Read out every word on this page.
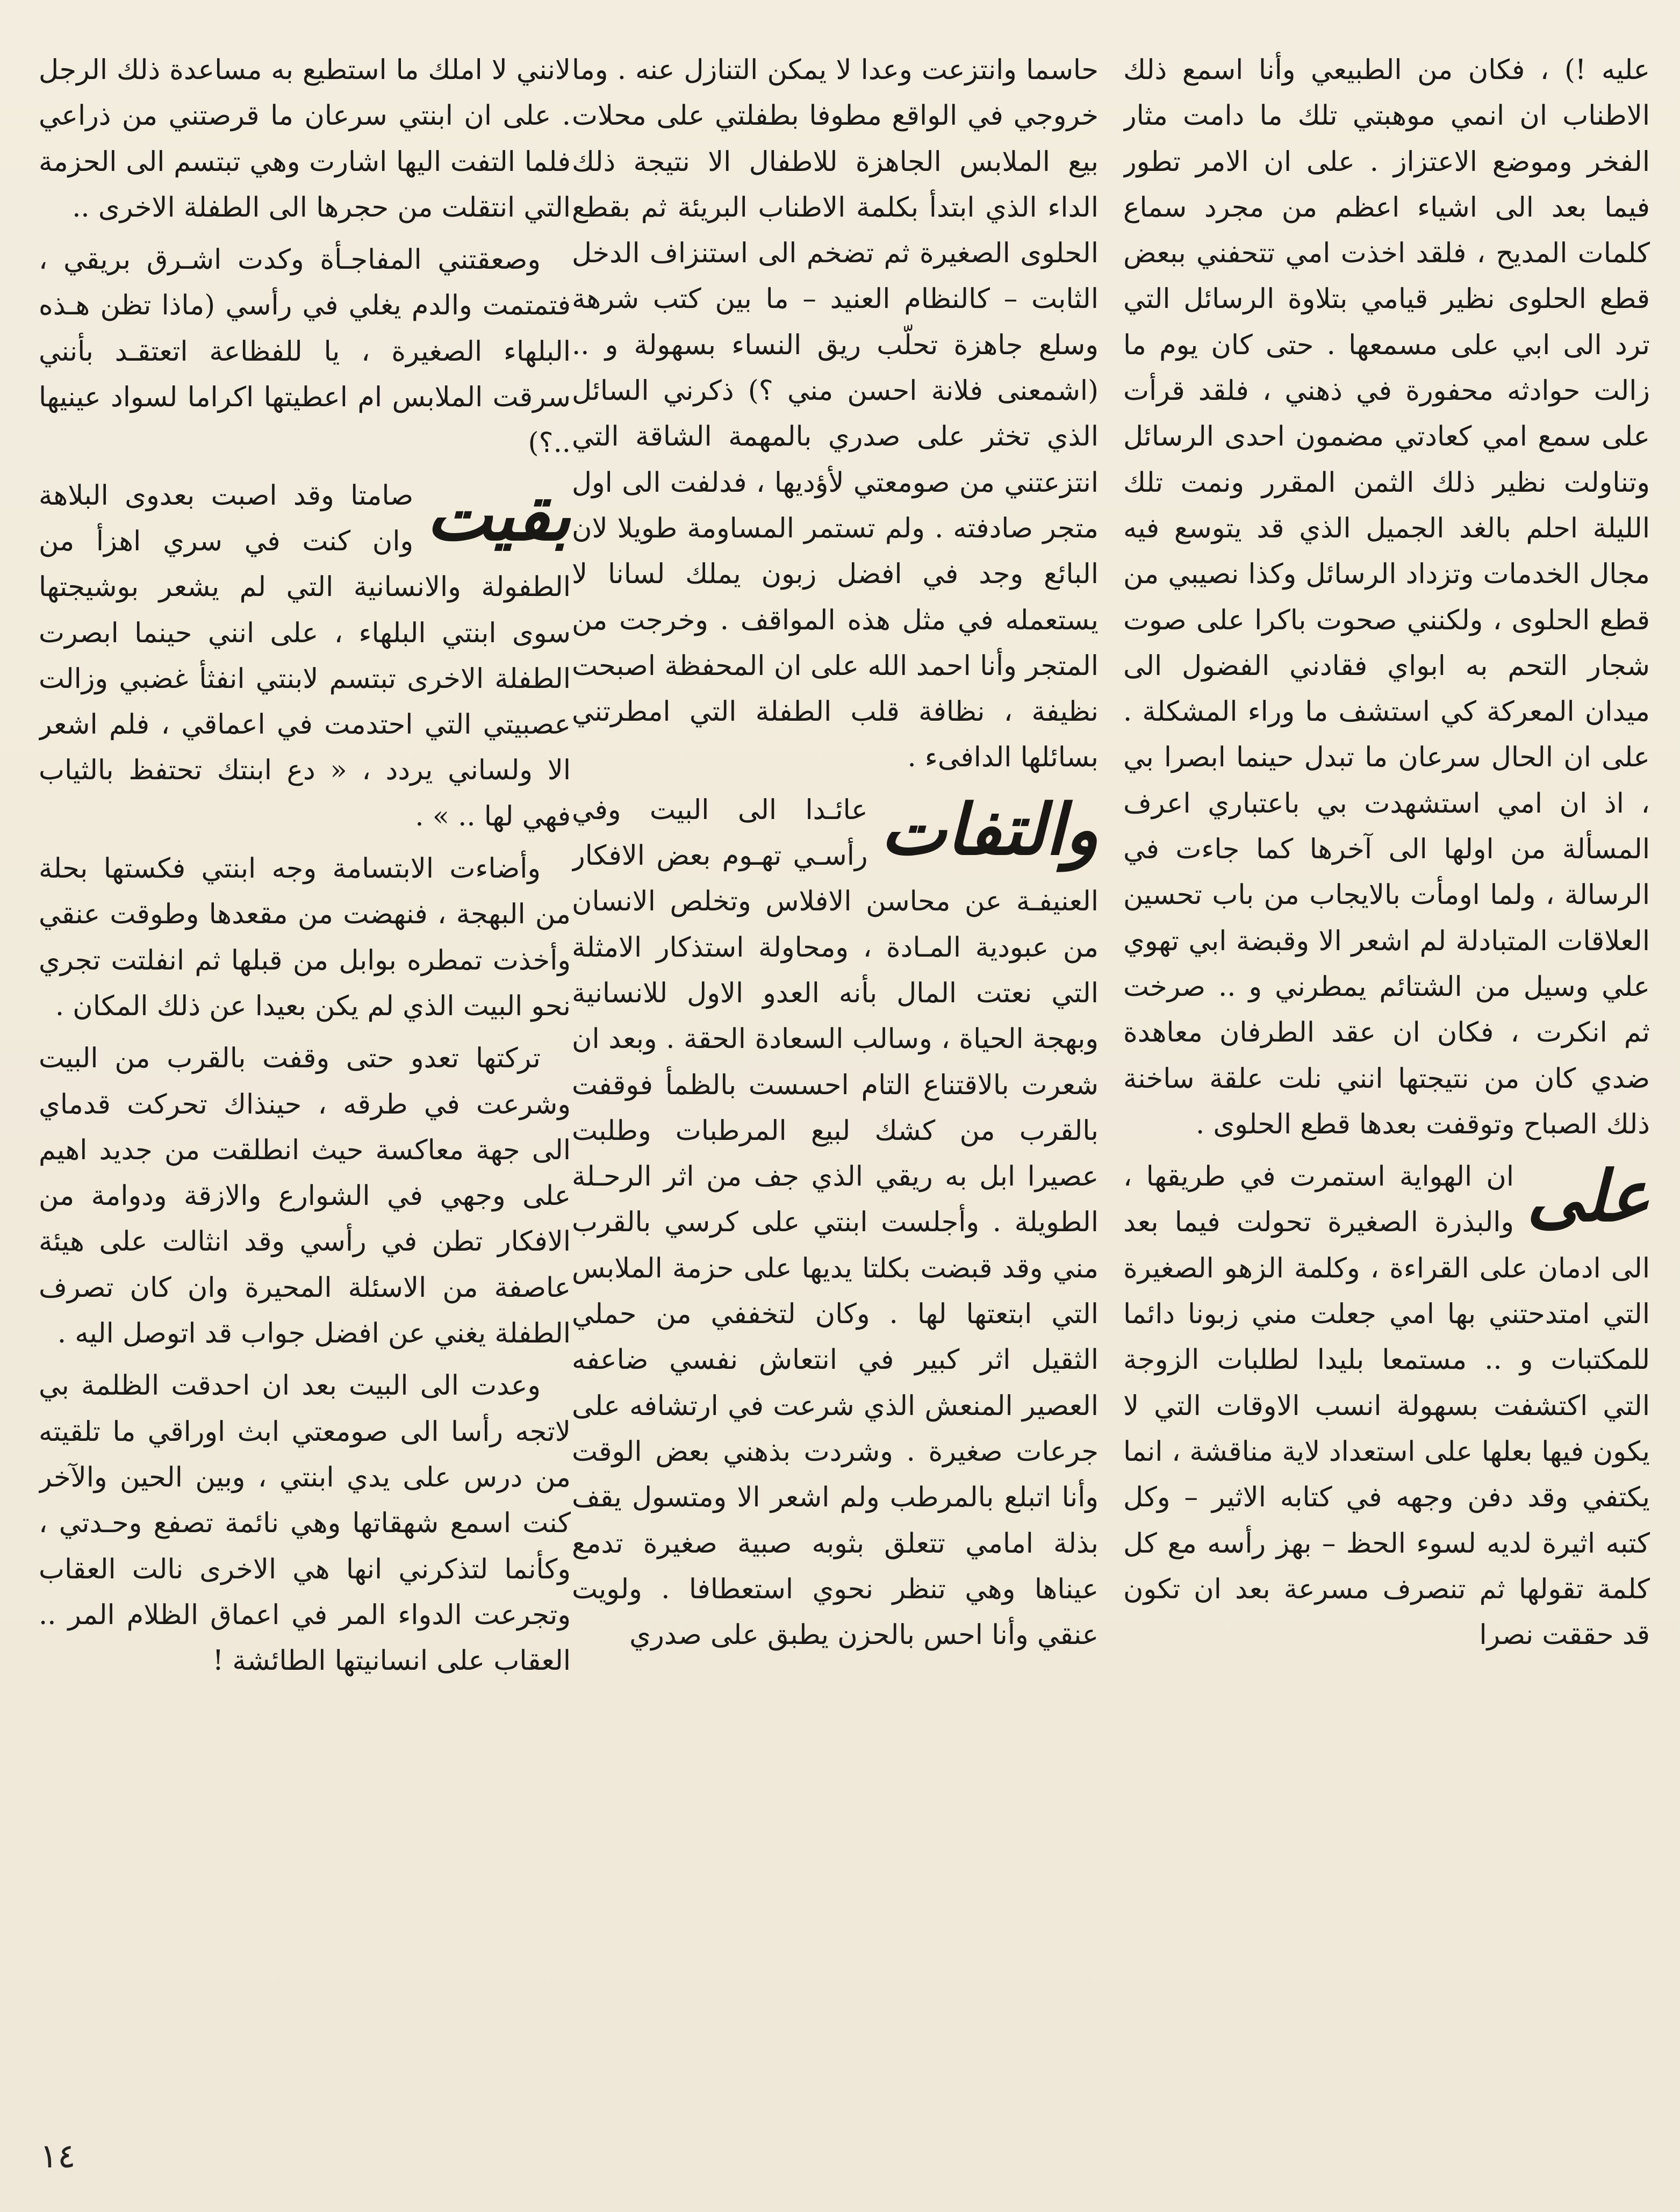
عليه !) ، فكان من الطبيعي وأنا اسمع ذلك الاطناب ان انمي موهبتي تلك ما دامت مثار الفخر وموضع الاعتزاز . على ان الامر تطور فيما بعد الى اشياء اعظم من مجرد سماع كلمات المديح ، فلقد اخذت امي تتحفني ببعض قطع الحلوى نظير قيامي بتلاوة الرسائل التي ترد الى ابي على مسمعها . حتى كان يوم ما زالت حوادثه محفورة في ذهني ، فلقد قرأت على سمع امي كعادتي مضمون احدى الرسائل وتناولت نظير ذلك الثمن المقرر ونمت تلك الليلة احلم بالغد الجميل الذي قد يتوسع فيه مجال الخدمات وتزداد الرسائل وكذا نصيبي من قطع الحلوى ، ولكنني صحوت باكرا على صوت شجار التحم به ابواي فقادني الفضول الى ميدان المعركة كي استشف ما وراء المشكلة . على ان الحال سرعان ما تبدل حينما ابصرا بي ، اذ ان امي استشهدت بي باعتباري اعرف المسألة من اولها الى آخرها كما جاءت في الرسالة ، ولما اومأت بالايجاب من باب تحسين العلاقات المتبادلة لم اشعر الا وقبضة ابي تهوي علي وسيل من الشتائم يمطرني و .. صرخت ثم انكرت ، فكان ان عقد الطرفان معاهدة ضدي كان من نتيجتها انني نلت علقة ساخنة ذلك الصباح وتوقفت بعدها قطع الحلوى .

على
ان الهواية استمرت في طريقها ، والبذرة الصغيرة تحولت فيما بعد الى ادمان على القراءة ، وكلمة الزهو الصغيرة التي امتدحتني بها امي جعلت مني زبونا دائما للمكتبات و .. مستمعا بليدا لطلبات الزوجة التي اكتشفت بسهولة انسب الاوقات التي لا يكون فيها بعلها على استعداد لاية مناقشة ، انما يكتفي وقد دفن وجهه في كتابه الاثير – وكل كتبه اثيرة لديه لسوء الحظ – بهز رأسه مع كل كلمة تقولها ثم تنصرف مسرعة بعد ان تكون قد حققت نصرا

حاسما وانتزعت وعدا لا يمكن التنازل عنه . وما خروجي في الواقع مطوفا بطفلتي على محلات بيع الملابس الجاهزة للاطفال الا نتيجة ذلك الداء الذي ابتدأ بكلمة الاطناب البريئة ثم بقطع الحلوى الصغيرة ثم تضخم الى استنزاف الدخل الثابت – كالنظام العنيد – ما بين كتب شرهة وسلع جاهزة تحلّب ريق النساء بسهولة و .. (اشمعنى فلانة احسن مني ؟) ذكرني السائل الذي تخثر على صدري بالمهمة الشاقة التي انتزعتني من صومعتي لأؤديها ، فدلفت الى اول متجر صادفته . ولم تستمر المساومة طويلا لان البائع وجد في افضل زبون يملك لسانا لا يستعمله في مثل هذه المواقف . وخرجت من المتجر وأنا احمد الله على ان المحفظة اصبحت نظيفة ، نظافة قلب الطفلة التي امطرتني بسائلها الدافىء .

والتفات
عائـدا الى البيت وفي رأسـي تهـوم بعض الافكار العنيفـة عن محاسن الافلاس وتخلص الانسان من عبودية المـادة ، ومحاولة استذكار الامثلة التي نعتت المال بأنه العدو الاول للانسانية وبهجة الحياة ، وسالب السعادة الحقة . وبعد ان شعرت بالاقتناع التام احسست بالظمأ فوقفت بالقرب من كشك لبيع المرطبات وطلبت عصيرا ابل به ريقي الذي جف من اثر الرحـلة الطويلة . وأجلست ابنتي على كرسي بالقرب مني وقد قبضت بكلتا يديها على حزمة الملابس التي ابتعتها لها . وكان لتخففي من حملي الثقيل اثر كبير في انتعاش نفسي ضاعفه العصير المنعش الذي شرعت في ارتشافه على جرعات صغيرة . وشردت بذهني بعض الوقت وأنا اتبلع بالمرطب ولم اشعر الا ومتسول يقف بذلة امامي تتعلق بثوبه صبية صغيرة تدمع عيناها وهي تنظر نحوي استعطافا . ولويت عنقي وأنا احس بالحزن يطبق على صدري

لانني لا املك ما استطيع به مساعدة ذلك الرجل . على ان ابنتي سرعان ما قرصتني من ذراعي فلما التفت اليها اشارت وهي تبتسم الى الحزمة التي انتقلت من حجرها الى الطفلة الاخرى ..

وصعقتني المفاجـأة وكدت اشـرق بريقي ، فتمتمت والدم يغلي في رأسي (ماذا تظن هـذه البلهاء الصغيرة ، يا للفظاعة اتعتقـد بأنني سرقت الملابس ام اعطيتها اكراما لسواد عينيها ..؟)

بقيت
صامتا وقد اصبت بعدوى البلاهة وان كنت في سري اهزأ من الطفولة والانسانية التي لم يشعر بوشيجتها سوى ابنتي البلهاء ، على انني حينما ابصرت الطفلة الاخرى تبتسم لابنتي انفثأ غضبي وزالت عصبيتي التي احتدمت في اعماقي ، فلم اشعر الا ولساني يردد ، « دع ابنتك تحتفظ بالثياب فهي لها .. » .

وأضاءت الابتسامة وجه ابنتي فكستها بحلة من البهجة ، فنهضت من مقعدها وطوقت عنقي وأخذت تمطره بوابل من قبلها ثم انفلتت تجري نحو البيت الذي لم يكن بعيدا عن ذلك المكان .

تركتها تعدو حتى وقفت بالقرب من البيت وشرعت في طرقه ، حينذاك تحركت قدماي الى جهة معاكسة حيث انطلقت من جديد اهيم على وجهي في الشوارع والازقة ودوامة من الافكار تطن في رأسي وقد انثالت على هيئة عاصفة من الاسئلة المحيرة وان كان تصرف الطفلة يغني عن افضل جواب قد اتوصل اليه .

وعدت الى البيت بعد ان احدقت الظلمة بي لاتجه رأسا الى صومعتي ابث اوراقي ما تلقيته من درس على يدي ابنتي ، وبين الحين والآخر كنت اسمع شهقاتها وهي نائمة تصفع وحـدتي ، وكأنما لتذكرني انها هي الاخرى نالت العقاب وتجرعت الدواء المر في اعماق الظلام المر .. العقاب على انسانيتها الطائشة !

١٤
